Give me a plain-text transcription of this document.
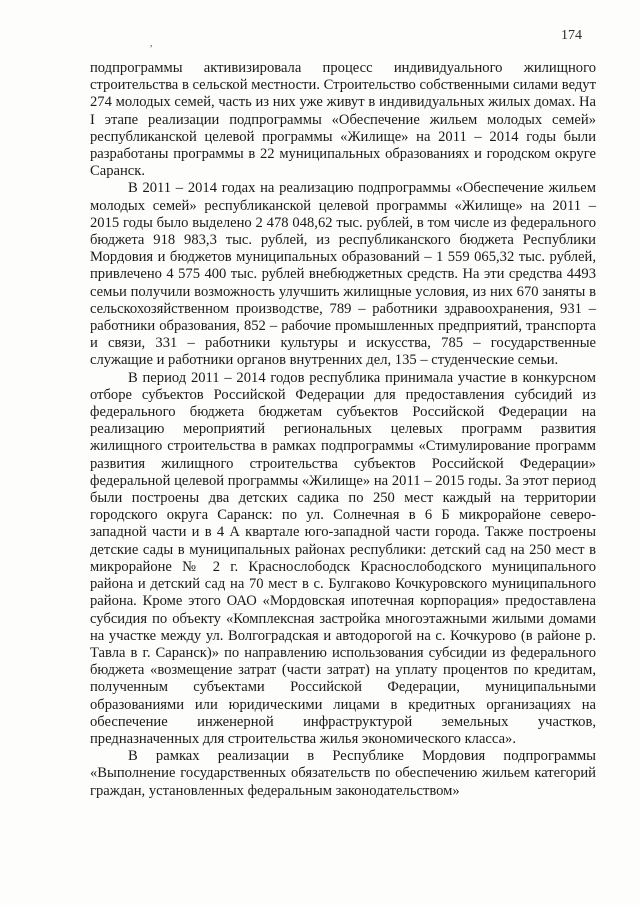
174
,

подпрограммы активизировала процесс индивидуального жилищного строительства в сельской местности. Строительство собственными силами ведут 274 молодых семей, часть из них уже живут в индивидуальных жилых домах. На I этапе реализации подпрограммы «Обеспечение жильем молодых семей» республиканской целевой программы «Жилище» на 2011 – 2014 годы были разработаны программы в 22 муниципальных образованиях и городском округе Саранск.

В 2011 – 2014 годах на реализацию подпрограммы «Обеспечение жильем молодых семей» республиканской целевой программы «Жилище» на 2011 – 2015 годы было выделено 2 478 048,62 тыс. рублей, в том числе из федерального бюджета 918 983,3 тыс. рублей, из республиканского бюджета Республики Мордовия и бюджетов муниципальных образований – 1 559 065,32 тыс. рублей, привлечено 4 575 400 тыс. рублей внебюджетных средств. На эти средства 4493 семьи получили возможность улучшить жилищные условия, из них 670 заняты в сельскохозяйственном производстве, 789 – работники здравоохранения, 931 – работники образования, 852 – рабочие промышленных предприятий, транспорта и связи, 331 – работники культуры и искусства, 785 – государственные служащие и работники органов внутренних дел, 135 – студенческие семьи.

В период 2011 – 2014 годов республика принимала участие в конкурсном отборе субъектов Российской Федерации для предоставления субсидий из федерального бюджета бюджетам субъектов Российской Федерации на реализацию мероприятий региональных целевых программ развития жилищного строительства в рамках подпрограммы «Стимулирование программ развития жилищного строительства субъектов Российской Федерации» федеральной целевой программы «Жилище» на 2011 – 2015 годы. За этот период были построены два детских садика по 250 мест каждый на территории городского округа Саранск: по ул. Солнечная в 6 Б микрорайоне северо-западной части и в 4 А квартале юго-западной части города. Также построены детские сады в муниципальных районах республики: детский сад на 250 мест в микрорайоне № 2 г. Краснослободск Краснослободского муниципального района и детский сад на 70 мест в с. Булгаково Кочкуровского муниципального района. Кроме этого ОАО «Мордовская ипотечная корпорация» предоставлена субсидия по объекту «Комплексная застройка многоэтажными жилыми домами на участке между ул. Волгоградская и автодорогой на с. Кочкурово (в районе р. Тавла в г. Саранск)» по направлению использования субсидии из федерального бюджета «возмещение затрат (части затрат) на уплату процентов по кредитам, полученным субъектами Российской Федерации, муниципальными образованиями или юридическими лицами в кредитных организациях на обеспечение инженерной инфраструктурой земельных участков, предназначенных для строительства жилья экономического класса».

В рамках реализации в Республике Мордовия подпрограммы «Выполнение государственных обязательств по обеспечению жильем категорий граждан, установленных федеральным законодательством»
